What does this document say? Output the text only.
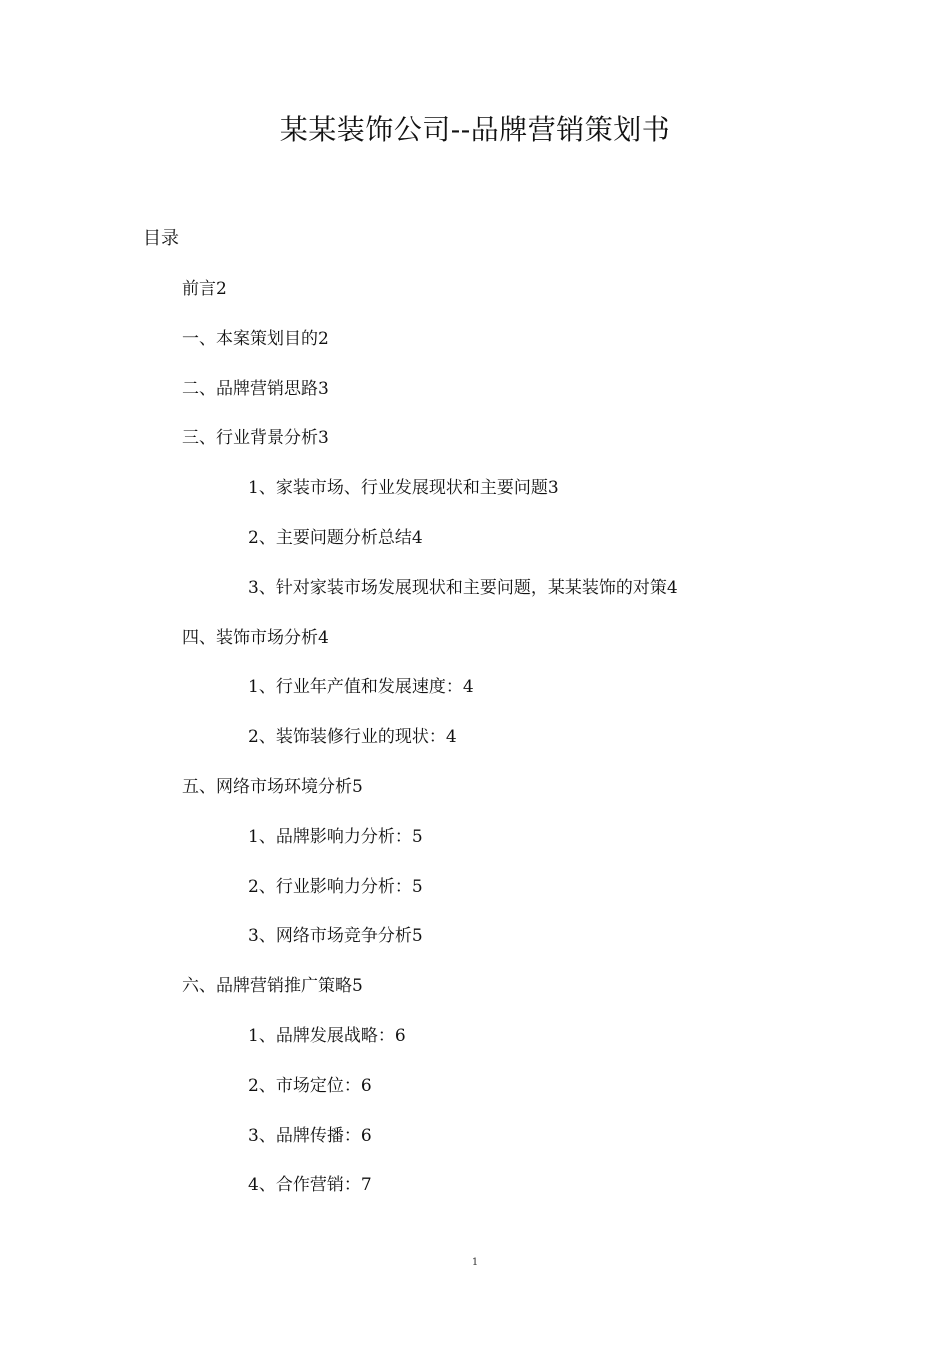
某某装饰公司--品牌营销策划书
目录
前言2
一、本案策划目的2
二、品牌营销思路3
三、行业背景分析3
1、家装市场、行业发展现状和主要问题3
2、主要问题分析总结4
3、针对家装市场发展现状和主要问题，某某装饰的对策4
四、装饰市场分析4
1、行业年产值和发展速度：4
2、装饰装修行业的现状：4
五、网络市场环境分析5
1、品牌影响力分析：5
2、行业影响力分析：5
3、网络市场竞争分析5
六、品牌营销推广策略5
1、品牌发展战略：6
2、市场定位：6
3、品牌传播：6
4、合作营销：7
1
